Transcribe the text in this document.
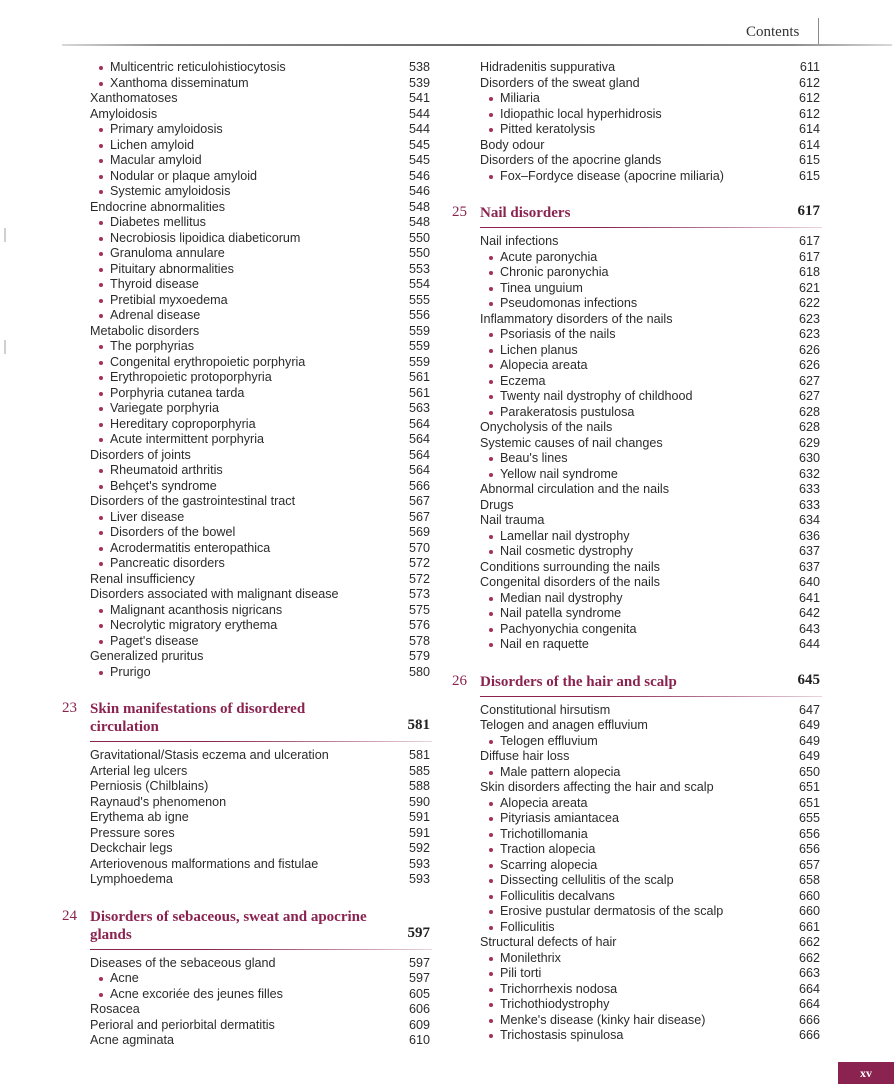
Contents
Multicentric reticulohistiocytosis	538
Xanthoma disseminatum	539
Xanthomatoses	541
Amyloidosis	544
Primary amyloidosis	544
Lichen amyloid	545
Macular amyloid	545
Nodular or plaque amyloid	546
Systemic amyloidosis	546
Endocrine abnormalities	548
Diabetes mellitus	548
Necrobiosis lipoidica diabeticorum	550
Granuloma annulare	550
Pituitary abnormalities	553
Thyroid disease	554
Pretibial myxoedema	555
Adrenal disease	556
Metabolic disorders	559
The porphyrias	559
Congenital erythropoietic porphyria	559
Erythropoietic protoporphyria	561
Porphyria cutanea tarda	561
Variegate porphyria	563
Hereditary coproporphyria	564
Acute intermittent porphyria	564
Disorders of joints	564
Rheumatoid arthritis	564
Behçet's syndrome	566
Disorders of the gastrointestinal tract	567
Liver disease	567
Disorders of the bowel	569
Acrodermatitis enteropathica	570
Pancreatic disorders	572
Renal insufficiency	572
Disorders associated with malignant disease	573
Malignant acanthosis nigricans	575
Necrolytic migratory erythema	576
Paget's disease	578
Generalized pruritus	579
Prurigo	580
23 Skin manifestations of disordered circulation	581
Gravitational/Stasis eczema and ulceration	581
Arterial leg ulcers	585
Perniosis (Chilblains)	588
Raynaud's phenomenon	590
Erythema ab igne	591
Pressure sores	591
Deckchair legs	592
Arteriovenous malformations and fistulae	593
Lymphoedema	593
24 Disorders of sebaceous, sweat and apocrine glands	597
Diseases of the sebaceous gland	597
Acne	597
Acne excoriée des jeunes filles	605
Rosacea	606
Perioral and periorbital dermatitis	609
Acne agminata	610
Hidradenitis suppurativa	611
Disorders of the sweat gland	612
Miliaria	612
Idiopathic local hyperhidrosis	612
Pitted keratolysis	614
Body odour	614
Disorders of the apocrine glands	615
Fox–Fordyce disease (apocrine miliaria)	615
25 Nail disorders	617
Nail infections	617
Acute paronychia	617
Chronic paronychia	618
Tinea unguium	621
Pseudomonas infections	622
Inflammatory disorders of the nails	623
Psoriasis of the nails	623
Lichen planus	626
Alopecia areata	626
Eczema	627
Twenty nail dystrophy of childhood	627
Parakeratosis pustulosa	628
Onycholysis of the nails	628
Systemic causes of nail changes	629
Beau's lines	630
Yellow nail syndrome	632
Abnormal circulation and the nails	633
Drugs	633
Nail trauma	634
Lamellar nail dystrophy	636
Nail cosmetic dystrophy	637
Conditions surrounding the nails	637
Congenital disorders of the nails	640
Median nail dystrophy	641
Nail patella syndrome	642
Pachyonychia congenita	643
Nail en raquette	644
26 Disorders of the hair and scalp	645
Constitutional hirsutism	647
Telogen and anagen effluvium	649
Telogen effluvium	649
Diffuse hair loss	649
Male pattern alopecia	650
Skin disorders affecting the hair and scalp	651
Alopecia areata	651
Pityriasis amiantacea	655
Trichotillomania	656
Traction alopecia	656
Scarring alopecia	657
Dissecting cellulitis of the scalp	658
Folliculitis decalvans	660
Erosive pustular dermatosis of the scalp	660
Folliculitis	661
Structural defects of hair	662
Monilethrix	662
Pili torti	663
Trichorrhexis nodosa	664
Trichothiodystrophy	664
Menke's disease (kinky hair disease)	666
Trichostasis spinulosa	666
xv
